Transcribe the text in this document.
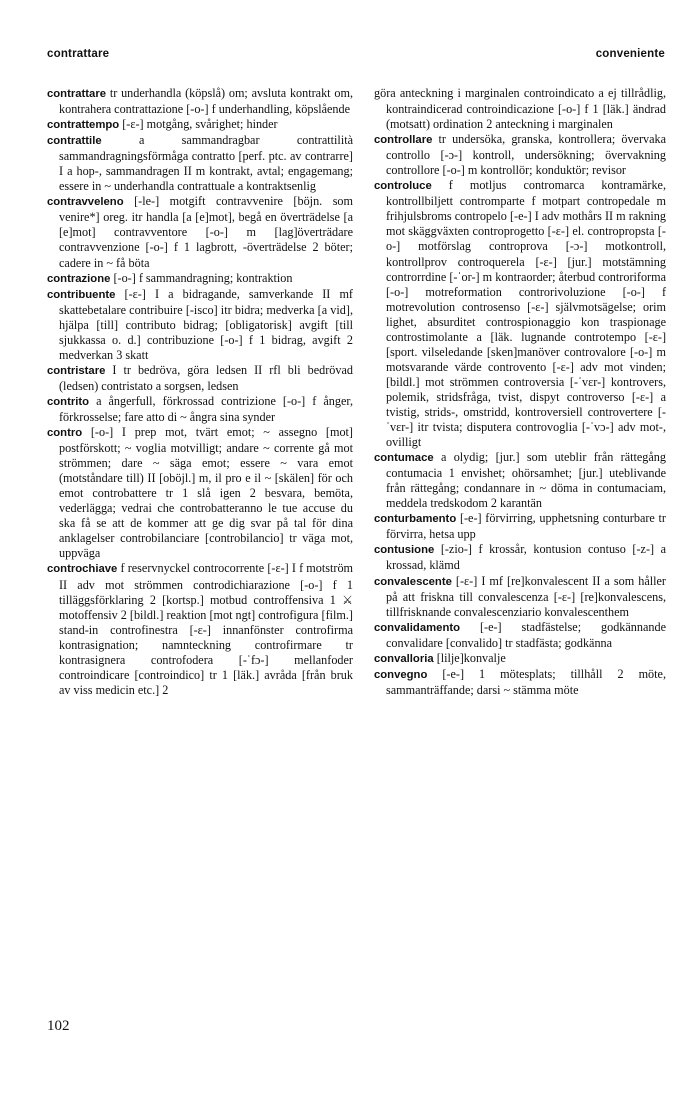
contrattare	conveniente

contrattare tr underhandla (köpslå) om; avsluta kontrakt om, kontrahera contrattazione [-o-] f underhandling, köpslående

contrattempo [-ɛ-] motgång, svårighet; hinder

contrattile	a sammandragbar contrattilità sammandragningsförmåga contratto [perf. ptc. av contrarre] I a hop-, sammandragen II m kontrakt, avtal; engagemang; essere in ~ underhandla contrattuale a kontraktsenlig

contravveleno [-le-] motgift contravvenire [böjn. som venire*] oreg. itr handla [a [e]mot], begå en överträdelse [a [e]mot] contravventore [-o-] m [lag]överträdare contravvenzione [-o-] f 1 lagbrott, -överträdelse 2 böter; cadere in ~ få böta

contrazione [-o-] f sammandragning; kontraktion

contribuente [-ɛ-] I a bidragande, samverkande II mf skattebetalare contribuire [-isco] itr bidra; medverka [a vid], hjälpa [till] contributo bidrag; [obligatorisk] avgift [till sjukkassa o. d.] contribuzione [-o-] f 1 bidrag, avgift 2 medverkan 3 skatt

contristare I tr bedröva, göra ledsen II rfl bli bedrövad (ledsen) contristato a sorgsen, ledsen

contrito a ångerfull, förkrossad contrizione [-o-] f ånger, förkrosselse; fare atto di ~ ångra sina synder

contro [-o-] I prep mot, tvärt emot; ~ assegno [mot] postförskott; ~ voglia motvilligt; andare ~ corrente gå mot strömmen; dare ~ säga emot; essere ~ vara emot (motståndare till) II [oböjl.] m, il pro e il ~ [skälen] för och emot controbattere tr 1 slå igen 2 besvara, bemöta, vederlägga; vedrai che controbatteranno le tue accuse du ska få se att de kommer att ge dig svar på tal för dina anklagelser controbilanciare [controbilancio] tr väga mot, uppväga

controchiave f reservnyckel controcorrente [-ɛ-] I f motström II adv mot strömmen controdichiarazione [-o-] f 1 tilläggsförklaring 2 [kortsp.] motbud controffensiva 1 ⚔ motoffensiv 2 [bildl.] reaktion [mot ngt] controfigura [film.] stand-in controfinestra [-ɛ-] innanfönster controfirma kontrasignation; namnteckning controfirmare tr kontrasignera controfodera [-ˈfɔ-] mellanfoder controindicare [controindico] tr 1 [läk.] avråda [från bruk av viss medicin etc.] 2

göra anteckning i marginalen controindicato a ej tillrådlig, kontraindicerad controindicazione [-o-] f 1 [läk.] ändrad (motsatt) ordination 2 anteckning i marginalen

controllare tr undersöka, granska, kontrollera; övervaka controllo [-ɔ-] kontroll, undersökning; övervakning controllore [-o-] m kontrollör; konduktör; revisor

controluce f motljus contromarca kontramärke, kontrollbiljett contromparte f motpart contropedale m frihjulsbroms contropelo [-e-] I adv mothårs II m rakning mot skäggväxten controprogetto [-ɛ-] el. contropropsta [-o-] motförslag controprova [-ɔ-] motkontroll, kontrollprov controquerela [-ɛ-] [jur.] motstämning controrrdine [-ˈor-] m kontraorder; återbud controriforma [-o-] motreformation controrivoluzione [-o-] f motrevolution controsenso [-ɛ-] självmotsägelse; orim lighet, absurditet controspionaggio kon traspionage controstimolante a [läk. lugnande controtempo [-ɛ-] [sport. vilseledande [sken]manöver controvalore [-o-] m motsvarande värde controvento [-ɛ-] adv mot vinden; [bildl.] mot strömmen controversia [-ˈvɛr-] kontrovers, polemik, stridsfråga, tvist, dispyt controverso [-ɛ-] a tvistig, strids-, omstridd, kontroversiell controvertere [-ˈvɛr-] itr tvista; disputera controvoglia [-ˈvɔ-] adv mot-, ovilligt

contumace a olydig; [jur.] som uteblir från rättegång contumacia 1 envishet; ohörsamhet; [jur.] uteblivande från rättegång; condannare in ~ döma in contumaciam, meddela tredskodom 2 karantän

conturbamento [-e-] förvirring, upphetsning conturbare tr förvirra, hetsa upp

contusione [-zio-] f krossår, kontusion contuso [-z-] a krossad, klämd

convalescente [-ɛ-] I mf [re]konvalescent II a som håller på att friskna till convalescenza [-ɛ-] [re]konvalescens, tillfrisknande convalescenziario konvalescenthem

convalidamento [-e-] stadfästelse; godkännande convalidare [convalido] tr stadfästa; godkänna

convalloria [lilje]konvalje

convegno [-e-] 1 mötesplats; tillhåll 2 möte, sammanträffande; darsi ~ stämma möte

102
